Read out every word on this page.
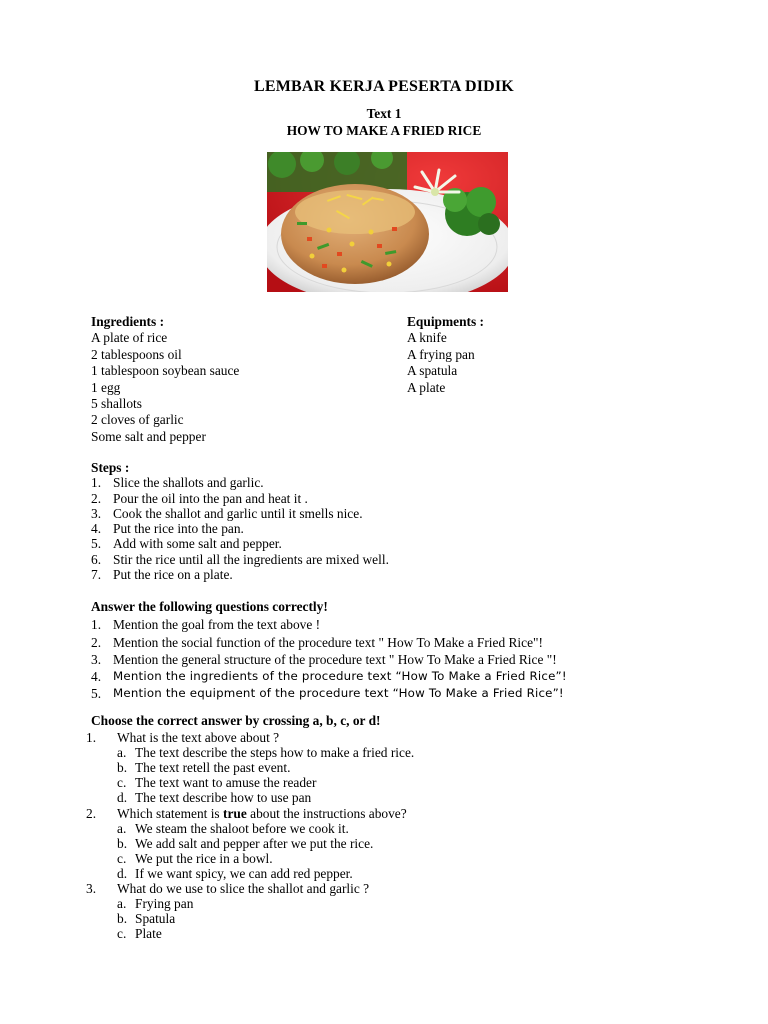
LEMBAR KERJA PESERTA DIDIK
Text 1
HOW TO MAKE A FRIED RICE
Ingredients :
A plate of rice
2 tablespoons oil
1 tablespoon soybean sauce
1 egg
5 shallots
2 cloves of garlic
Some salt and pepper
Equipments :
A knife
A frying pan
A spatula
A plate
Steps :
1. Slice the shallots and garlic.
2. Pour the oil into the pan and heat it .
3. Cook the shallot and garlic until it smells nice.
4. Put the rice into the pan.
5. Add with some salt and pepper.
6. Stir the rice until all the ingredients are mixed well.
7. Put the rice on a plate.
Answer the following questions correctly!
1. Mention the goal from the text above !
2. Mention the social function of the procedure text " How To Make a Fried Rice"!
3. Mention the general structure of the procedure text " How To Make a Fried Rice "!
4.	Mention the ingredients of the procedure text “How To Make a Fried Rice”!
5.	Mention the equipment of the procedure text “How To Make a Fried Rice”!
Choose the correct answer by crossing a, b, c, or d!
1.	What is the text above about ?
a. The text describe the steps how to make a fried rice.
b. The text retell the past event.
c. The text want to amuse the reader
d. The text describe how to use pan
2.	Which statement is true about the instructions above?
a. We steam the shaloot before we cook it.
b. We add salt and pepper after we put the rice.
c. We put the rice in a bowl.
d. If we want spicy, we can add red pepper.
3.	What do we use to slice the shallot and garlic ?
a. Frying pan
b. Spatula
c. Plate
